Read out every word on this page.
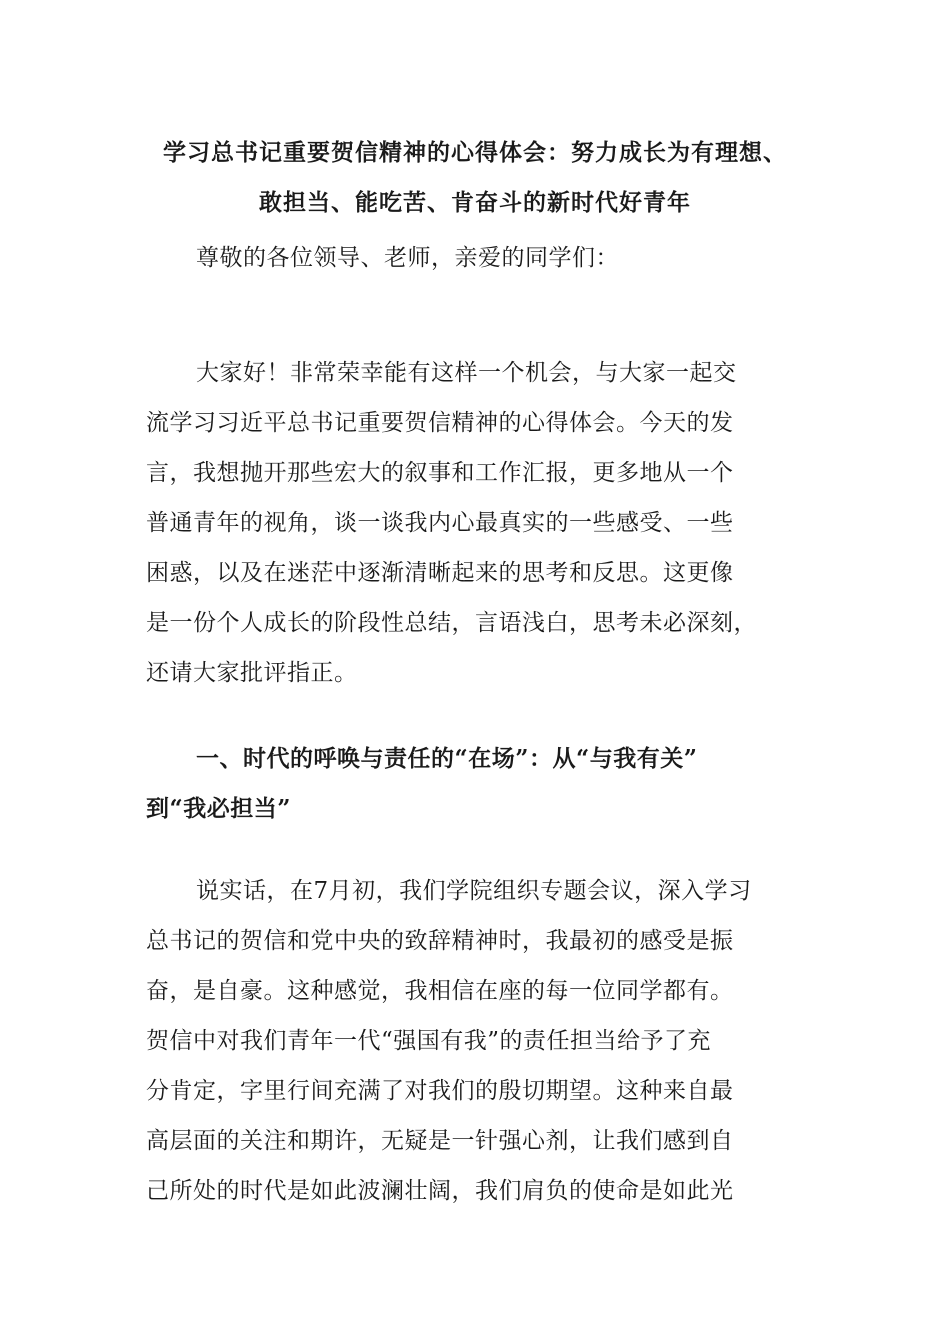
学习总书记重要贺信精神的心得体会：努力成长为有理想、
敢担当、能吃苦、肯奋斗的新时代好青年
尊敬的各位领导、老师，亲爱的同学们：
大家好！非常荣幸能有这样一个机会，与大家一起交
流学习习近平总书记重要贺信精神的心得体会。今天的发
言，我想抛开那些宏大的叙事和工作汇报，更多地从一个
普通青年的视角，谈一谈我内心最真实的一些感受、一些
困惑，以及在迷茫中逐渐清晰起来的思考和反思。这更像
是一份个人成长的阶段性总结，言语浅白，思考未必深刻，
还请大家批评指正。
一、时代的呼唤与责任的“在场”：从“与我有关”
到“我必担当”
说实话，在7月初，我们学院组织专题会议，深入学习
总书记的贺信和党中央的致辞精神时，我最初的感受是振
奋，是自豪。这种感觉，我相信在座的每一位同学都有。
贺信中对我们青年一代“强国有我”的责任担当给予了充
分肯定，字里行间充满了对我们的殷切期望。这种来自最
高层面的关注和期许，无疑是一针强心剂，让我们感到自
己所处的时代是如此波澜壮阔，我们肩负的使命是如此光
